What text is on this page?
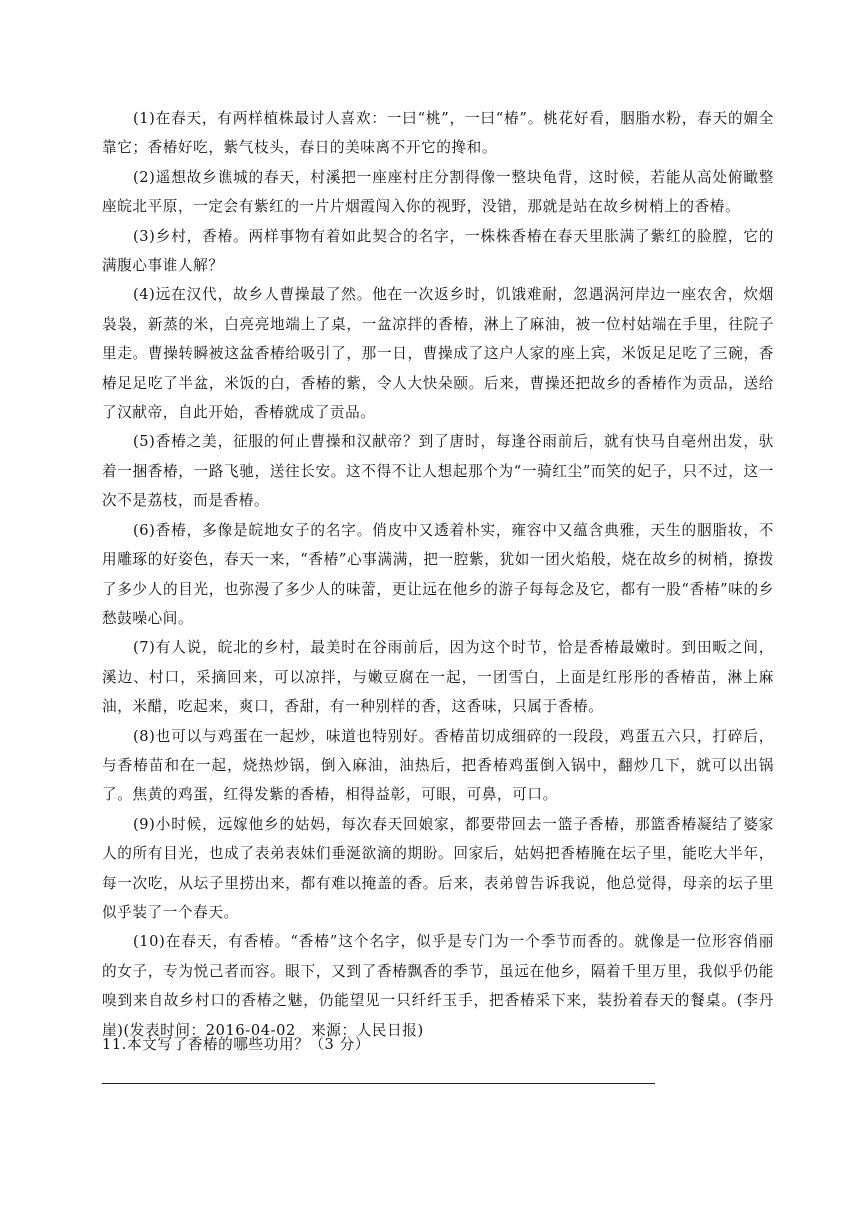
(1)在春天，有两样植株最讨人喜欢：一曰“桃”，一曰“椿”。桃花好看，胭脂水粉，春天的媚全靠它；香椿好吃，紫气枝头，春日的美味离不开它的搀和。

(2)遥想故乡谯城的春天，村溪把一座座村庄分割得像一整块龟背，这时候，若能从高处俯瞰整座皖北平原，一定会有紫红的一片片烟霞闯入你的视野，没错，那就是站在故乡树梢上的香椿。

(3)乡村，香椿。两样事物有着如此契合的名字，一株株香椿在春天里胀满了紫红的脸膛，它的满腹心事谁人解？

(4)远在汉代，故乡人曹操最了然。他在一次返乡时，饥饿难耐，忽遇涡河岸边一座农舍，炊烟袅袅，新蒸的米，白亮亮地端上了桌，一盆凉拌的香椿，淋上了麻油，被一位村姑端在手里，往院子里走。曹操转瞬被这盆香椿给吸引了，那一日，曹操成了这户人家的座上宾，米饭足足吃了三碗，香椿足足吃了半盆，米饭的白，香椿的紫，令人大快朵颐。后来，曹操还把故乡的香椿作为贡品，送给了汉献帝，自此开始，香椿就成了贡品。

(5)香椿之美，征服的何止曹操和汉献帝？到了唐时，每逢谷雨前后，就有快马自亳州出发，驮着一捆香椿，一路飞驰，送往长安。这不得不让人想起那个为“一骑红尘”而笑的妃子，只不过，这一次不是荔枝，而是香椿。

(6)香椿，多像是皖地女子的名字。俏皮中又透着朴实，雍容中又蕴含典雅，天生的胭脂妆，不用雕琢的好姿色，春天一来，“香椿”心事满满，把一腔紫，犹如一团火焰般，烧在故乡的树梢，撩拨了多少人的目光，也弥漫了多少人的味蕾，更让远在他乡的游子每每念及它，都有一股“香椿”味的乡愁鼓噪心间。

(7)有人说，皖北的乡村，最美时在谷雨前后，因为这个时节，恰是香椿最嫩时。到田畈之间，溪边、村口，采摘回来，可以凉拌，与嫩豆腐在一起，一团雪白，上面是红彤彤的香椿苗，淋上麻油，米醋，吃起来，爽口，香甜，有一种别样的香，这香味，只属于香椿。

(8)也可以与鸡蛋在一起炒，味道也特别好。香椿苗切成细碎的一段段，鸡蛋五六只，打碎后，与香椿苗和在一起，烧热炒锅，倒入麻油，油热后，把香椿鸡蛋倒入锅中，翻炒几下，就可以出锅了。焦黄的鸡蛋，红得发紫的香椿，相得益彰，可眼，可鼻，可口。

(9)小时候，远嫁他乡的姑妈，每次春天回娘家，都要带回去一篮子香椿，那篮香椿凝结了婆家人的所有目光，也成了表弟表妹们垂涎欲滴的期盼。回家后，姑妈把香椿腌在坛子里，能吃大半年，每一次吃，从坛子里捞出来，都有难以掩盖的香。后来，表弟曾告诉我说，他总觉得，母亲的坛子里似乎装了一个春天。

(10)在春天，有香椿。“香椿”这个名字，似乎是专门为一个季节而香的。就像是一位形容俏丽的女子，专为悦己者而容。眼下，又到了香椿飘香的季节，虽远在他乡，隔着千里万里，我似乎仍能嗅到来自故乡村口的香椿之魅，仍能望见一只纤纤玉手，把香椿采下来，装扮着春天的餐桌。(李丹崖)(发表时间：2016-04-02　来源：人民日报)

11.本文写了香椿的哪些功用？（3 分）
